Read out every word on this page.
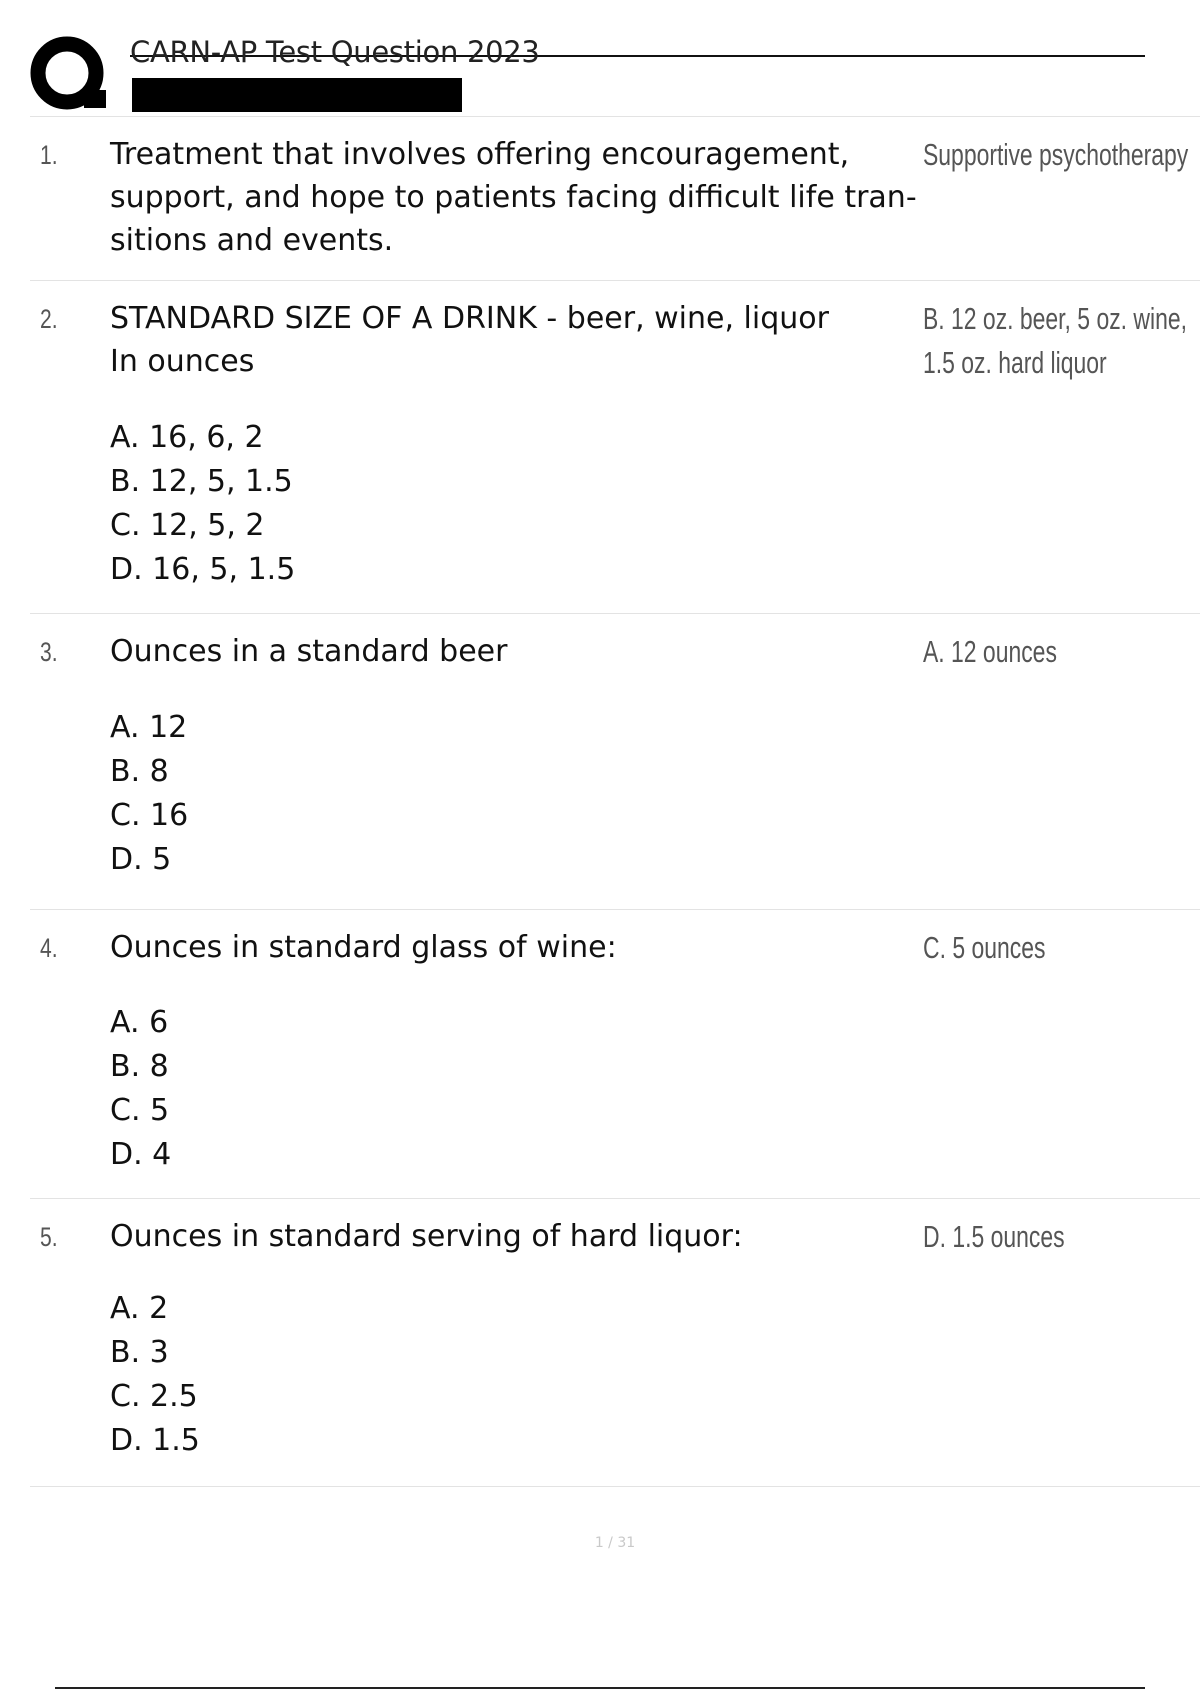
CARN-AP Test Question 2023
1. Treatment that involves offering encouragement,
support, and hope to patients facing difficult life tran-
sitions and events.
Supportive psychotherapy
2. STANDARD SIZE OF A DRINK - beer, wine, liquor
In ounces
A. 16, 6, 2
B. 12, 5, 1.5
C. 12, 5, 2
D. 16, 5, 1.5
B. 12 oz. beer, 5 oz. wine,
1.5 oz. hard liquor
3. Ounces in a standard beer
A. 12
B. 8
C. 16
D. 5
A. 12 ounces
4. Ounces in standard glass of wine:
A. 6
B. 8
C. 5
D. 4
C. 5 ounces
5. Ounces in standard serving of hard liquor:
A. 2
B. 3
C. 2.5
D. 1.5
D. 1.5 ounces
1 / 31
